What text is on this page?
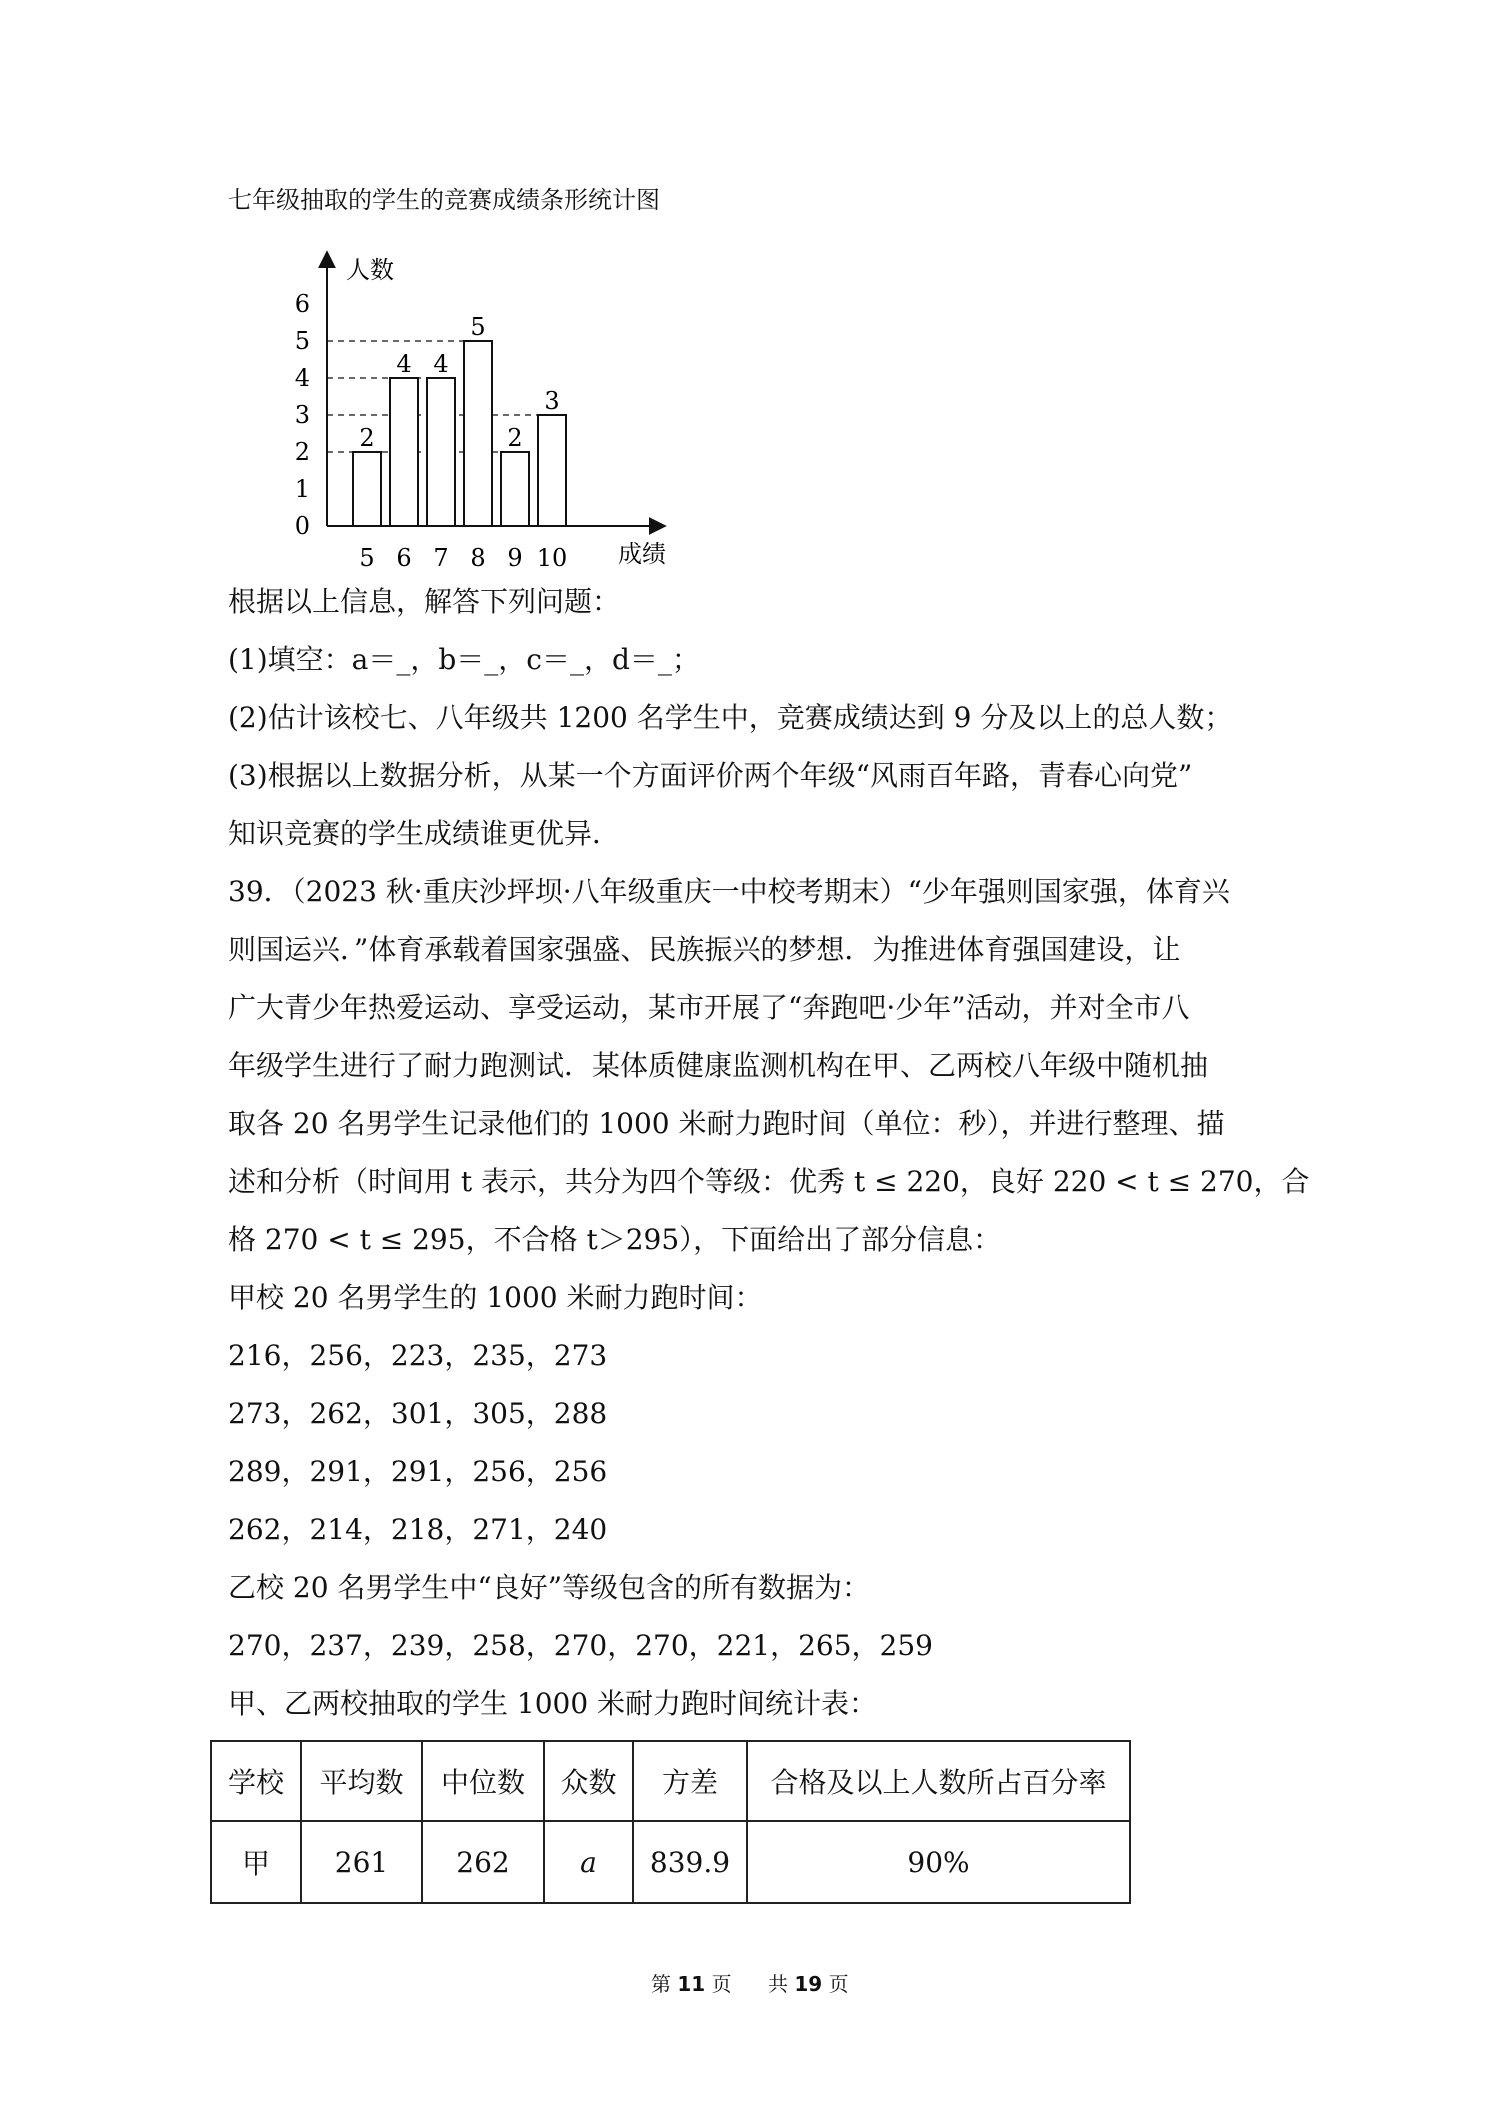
七年级抽取的学生的竞赛成绩条形统计图
2
4 4
5
2
3
人数
成绩
0
1
2
3
4
5
6
5 6 7 8 9 10
根据以上信息，解答下列问题：
(1)填空：a＝_，b＝_，c＝_，d＝_；
(2)估计该校七、八年级共 1200 名学生中，竞赛成绩达到 9 分及以上的总人数；
(3)根据以上数据分析，从某一个方面评价两个年级“风雨百年路，青春心向党”
知识竞赛的学生成绩谁更优异．
39．（2023 秋·重庆沙坪坝·八年级重庆一中校考期末）“少年强则国家强，体育兴
则国运兴．”体育承载着国家强盛、民族振兴的梦想．为推进体育强国建设，让
广大青少年热爱运动、享受运动，某市开展了“奔跑吧·少年”活动，并对全市八
年级学生进行了耐力跑测试．某体质健康监测机构在甲、乙两校八年级中随机抽
取各 20 名男学生记录他们的 1000 米耐力跑时间（单位：秒），并进行整理、描
述和分析（时间用 t 表示，共分为四个等级：优秀 t ≤ 220，良好 220 < t ≤ 270，合
格 270 < t ≤ 295，不合格 t＞295），下面给出了部分信息：
甲校 20 名男学生的 1000 米耐力跑时间：
216，256，223，235，273
273，262，301，305，288
289，291，291，256，256
262，214，218，271，240
乙校 20 名男学生中“良好”等级包含的所有数据为：
270，237，239，258，270，270，221，265，259
甲、乙两校抽取的学生 1000 米耐力跑时间统计表：
学校	平均数	中位数	众数	方差	合格及以上人数所占百分率
甲	261	262	a	839.9	90%
第 11 页 共 19 页
